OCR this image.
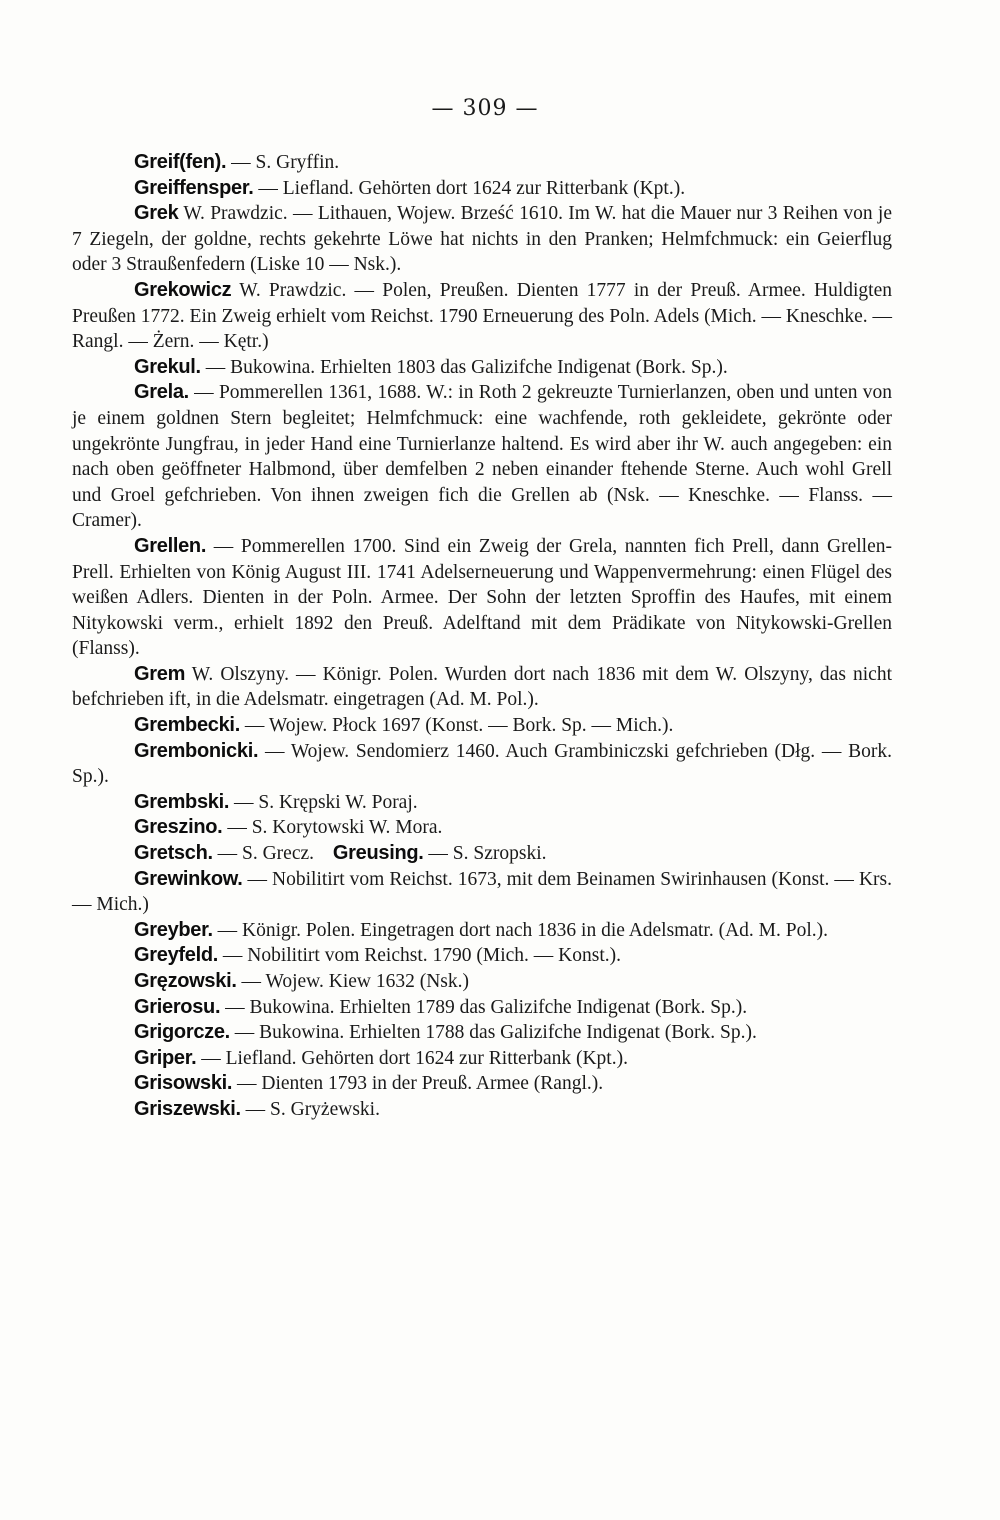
— 309 —

Greif(fen). — S. Gryffin.

Greiffensper. — Liefland. Gehörten dort 1624 zur Ritterbank (Kpt.).

Grek W. Prawdzic. — Lithauen, Wojew. Brześć 1610. Im W. hat die Mauer nur 3 Reihen von je 7 Ziegeln, der goldne, rechts gekehrte Löwe hat nichts in den Pranken; Helmfchmuck: ein Geierflug oder 3 Straußenfedern (Liske 10 — Nsk.).

Grekowicz W. Prawdzic. — Polen, Preußen. Dienten 1777 in der Preuß. Armee. Huldigten Preußen 1772. Ein Zweig erhielt vom Reichst. 1790 Erneuerung des Poln. Adels (Mich. — Kneschke. — Rangl. — Żern. — Kętr.)

Grekul. — Bukowina. Erhielten 1803 das Galizifche Indigenat (Bork. Sp.).

Grela. — Pommerellen 1361, 1688. W.: in Roth 2 gekreuzte Turnierlanzen, oben und unten von je einem goldnen Stern begleitet; Helmfchmuck: eine wachfende, roth gekleidete, gekrönte oder ungekrönte Jungfrau, in jeder Hand eine Turnierlanze haltend. Es wird aber ihr W. auch angegeben: ein nach oben geöffneter Halbmond, über demfelben 2 neben einander ftehende Sterne. Auch wohl Grell und Groel gefchrieben. Von ihnen zweigen fich die Grellen ab (Nsk. — Kneschke. — Flanss. — Cramer).

Grellen. — Pommerellen 1700. Sind ein Zweig der Grela, nannten fich Prell, dann Grellen-Prell. Erhielten von König August III. 1741 Adelserneuerung und Wappenvermehrung: einen Flügel des weißen Adlers. Dienten in der Poln. Armee. Der Sohn der letzten Sproffin des Haufes, mit einem Nitykowski verm., erhielt 1892 den Preuß. Adelftand mit dem Prädikate von Nitykowski-Grellen (Flanss).

Grem W. Olszyny. — Königr. Polen. Wurden dort nach 1836 mit dem W. Olszyny, das nicht befchrieben ift, in die Adelsmatr. eingetragen (Ad. M. Pol.).

Grembecki. — Wojew. Płock 1697 (Konst. — Bork. Sp. — Mich.).

Grembonicki. — Wojew. Sendomierz 1460. Auch Grambiniczski gefchrieben (Dłg. — Bork. Sp.).

Grembski. — S. Krępski W. Poraj.

Greszino. — S. Korytowski W. Mora.

Gretsch. — S. Grecz. Greusing. — S. Szropski.

Grewinkow. — Nobilitirt vom Reichst. 1673, mit dem Beinamen Swirinhausen (Konst. — Krs. — Mich.)

Greyber. — Königr. Polen. Eingetragen dort nach 1836 in die Adelsmatr. (Ad. M. Pol.).

Greyfeld. — Nobilitirt vom Reichst. 1790 (Mich. — Konst.).

Gręzowski. — Wojew. Kiew 1632 (Nsk.)

Grierosu. — Bukowina. Erhielten 1789 das Galizifche Indigenat (Bork. Sp.).

Grigorcze. — Bukowina. Erhielten 1788 das Galizifche Indigenat (Bork. Sp.).

Griper. — Liefland. Gehörten dort 1624 zur Ritterbank (Kpt.).

Grisowski. — Dienten 1793 in der Preuß. Armee (Rangl.).

Griszewski. — S. Gryżewski.
